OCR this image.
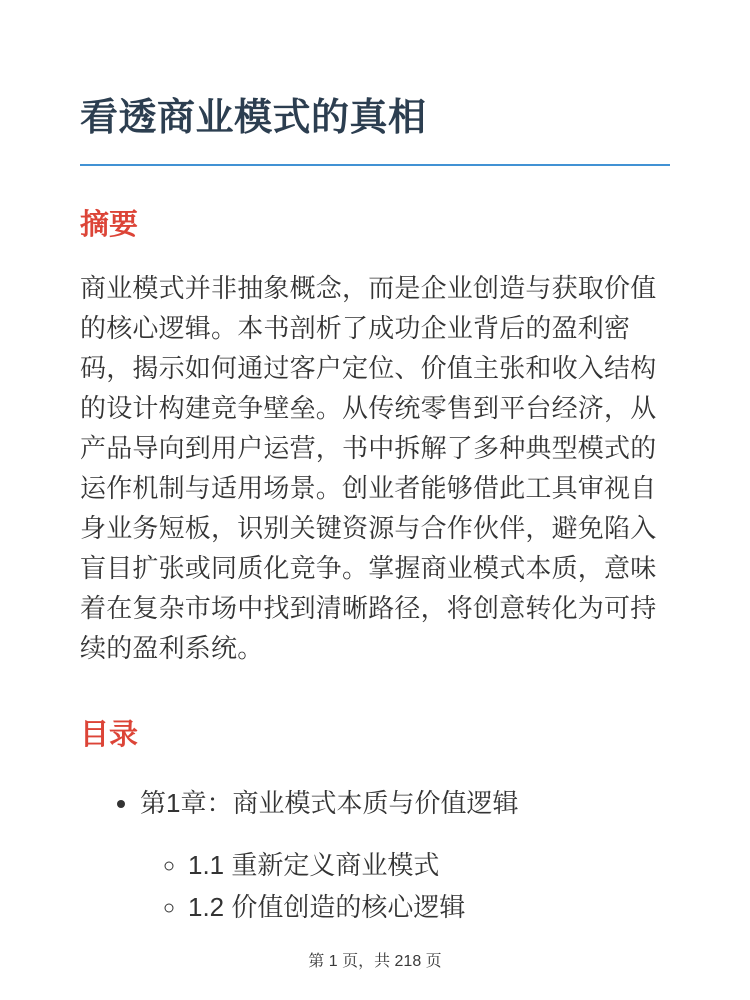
看透商业模式的真相
摘要

商业模式并非抽象概念，而是企业创造与获取价值的核心逻辑。本书剖析了成功企业背后的盈利密码，揭示如何通过客户定位、价值主张和收入结构的设计构建竞争壁垒。从传统零售到平台经济，从产品导向到用户运营，书中拆解了多种典型模式的运作机制与适用场景。创业者能够借此工具审视自身业务短板，识别关键资源与合作伙伴，避免陷入盲目扩张或同质化竞争。掌握商业模式本质，意味着在复杂市场中找到清晰路径，将创意转化为可持续的盈利系统。

目录
• 第1章：商业模式本质与价值逻辑
◦ 1.1 重新定义商业模式
◦ 1.2 价值创造的核心逻辑
第 1 页，共 218 页
